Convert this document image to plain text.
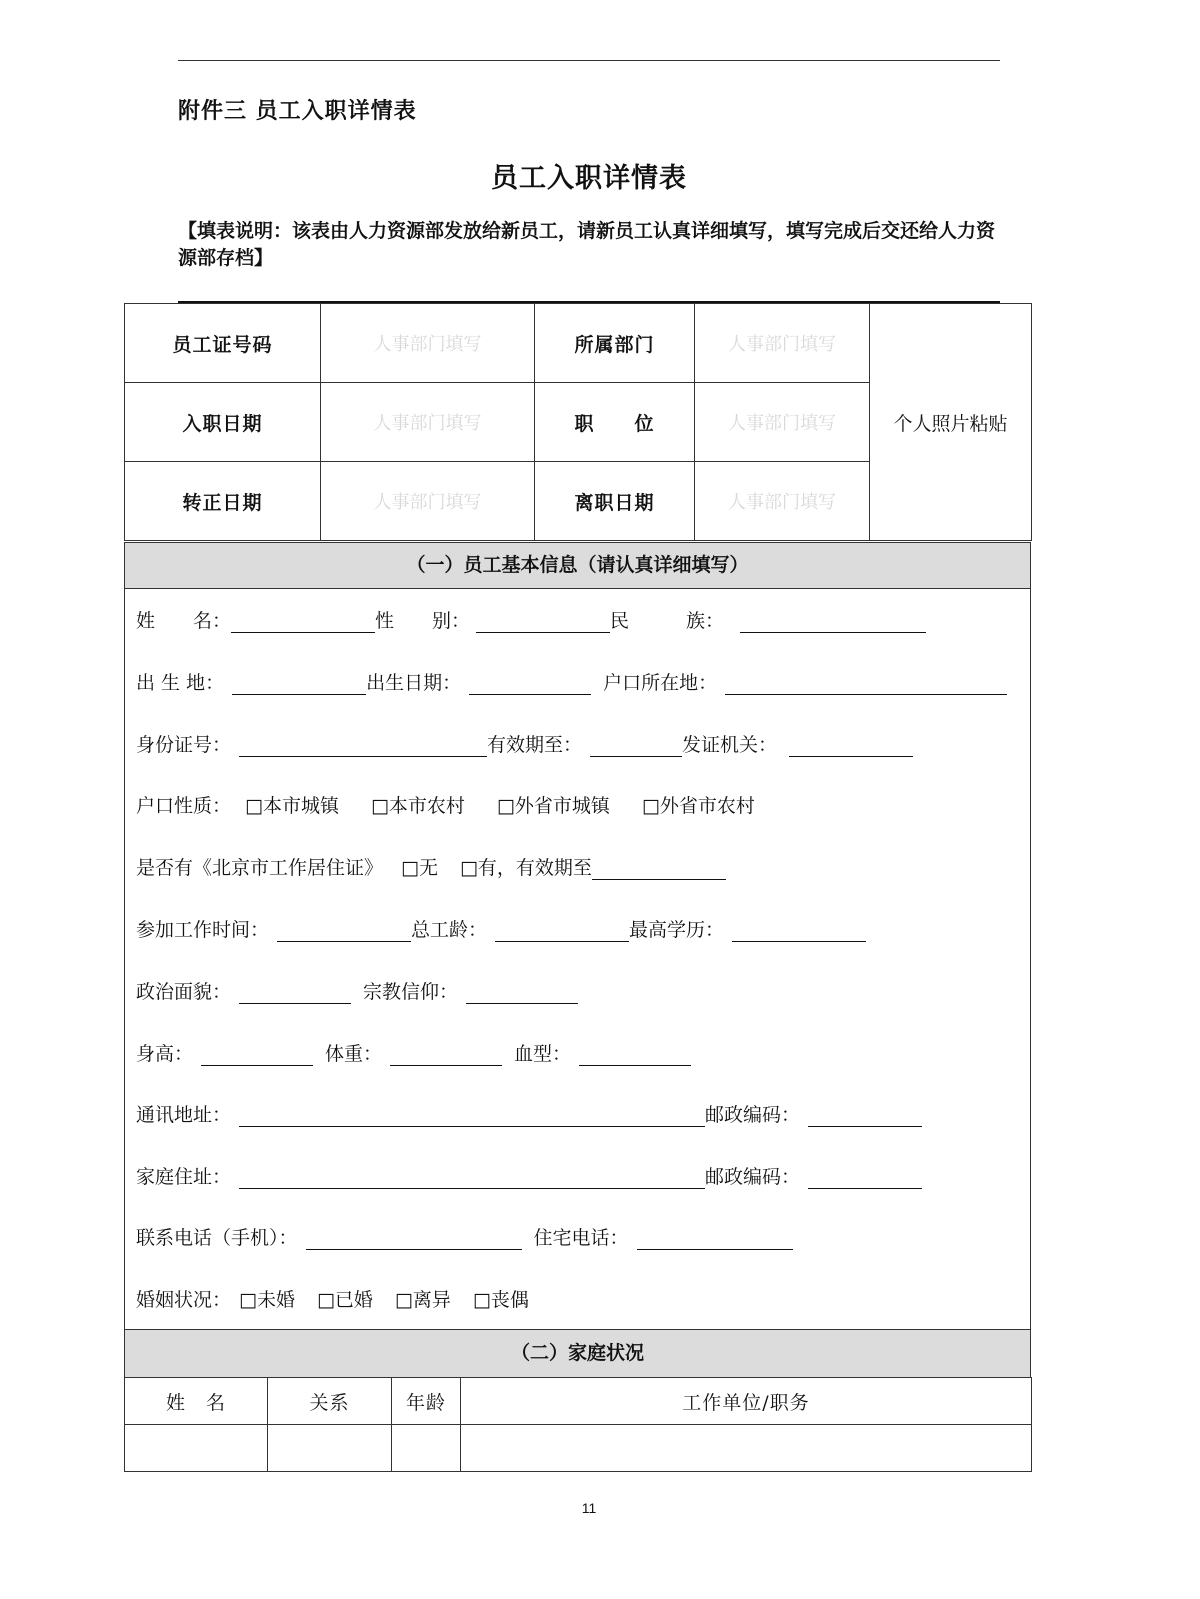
附件三 员工入职详情表
员工入职详情表
【填表说明：该表由人力资源部发放给新员工，请新员工认真详细填写，填写完成后交还给人力资源部存档】
员工证号码	人事部门填写	所属部门	人事部门填写	个人照片粘贴
入职日期	人事部门填写	职　　位	人事部门填写	
转正日期	人事部门填写	离职日期	人事部门填写	
（一）员工基本信息（请认真详细填写）
姓　　名：	性　　别：	民　　　族：
出 生 地：	出生日期：	户口所在地：
身份证号：	有效期至：	发证机关：
户口性质： □本市城镇 □本市农村 □外省市城镇 □外省市农村
是否有《北京市工作居住证》 □无 □有，有效期至
参加工作时间：	总工龄：	最高学历：
政治面貌：	宗教信仰：
身高：	体重：	血型：
通讯地址：	邮政编码：
家庭住址：	邮政编码：
联系电话（手机）：	住宅电话：
婚姻状况： □未婚 □已婚 □离异 □丧偶
（二）家庭状况
姓　名	关系	年龄	工作单位/职务

11
